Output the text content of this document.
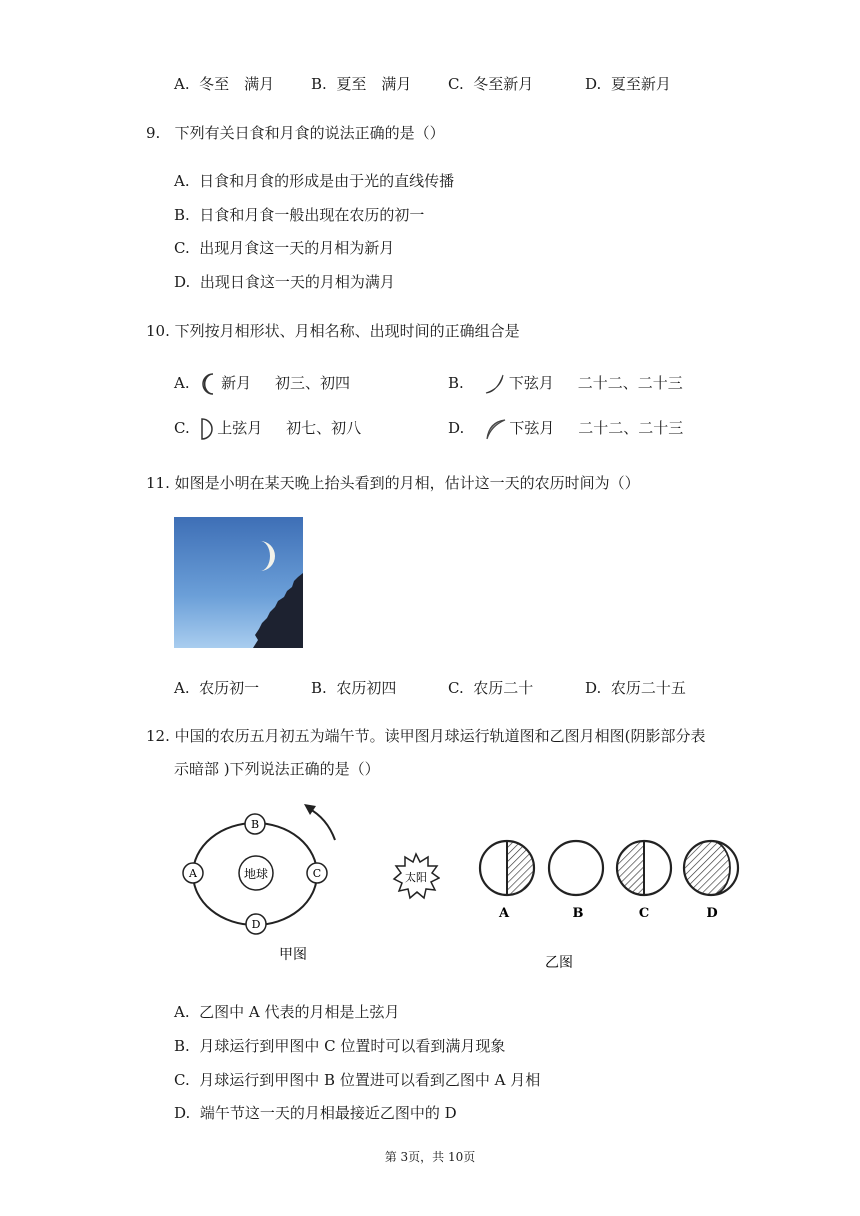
A. 冬至　满月 B. 夏至　满月 C. 冬至新月	D. 夏至新月
9. 下列有关日食和月食的说法正确的是（）
A. 日食和月食的形成是由于光的直线传播
B. 日食和月食一般出现在农历的初一
C. 出现月食这一天的月相为新月
D. 出现日食这一天的月相为满月
10. 下列按月相形状、月相名称、出现时间的正确组合是
A. 新月 初三、初四	B.	下弦月 二十二、二十三
C. 上弦月 初七、初八	D.	下弦月 二十二、二十三
11. 如图是小明在某天晚上抬头看到的月相，估计这一天的农历时间为（）
A. 农历初一	B. 农历初四	C. 农历二十	D. 农历二十五
12. 中国的农历五月初五为端午节。读甲图月球运行轨道图和乙图月相图(阴影部分表
示暗部 )下列说法正确的是（）
地球
A
B
C
D
甲图
太阳
A	B	C	D
乙图
A. 乙图中 A 代表的月相是上弦月
B. 月球运行到甲图中 C 位置时可以看到满月现象
C. 月球运行到甲图中 B 位置进可以看到乙图中 A 月相
D. 端午节这一天的月相最接近乙图中的 D
第 3页，共 10页
